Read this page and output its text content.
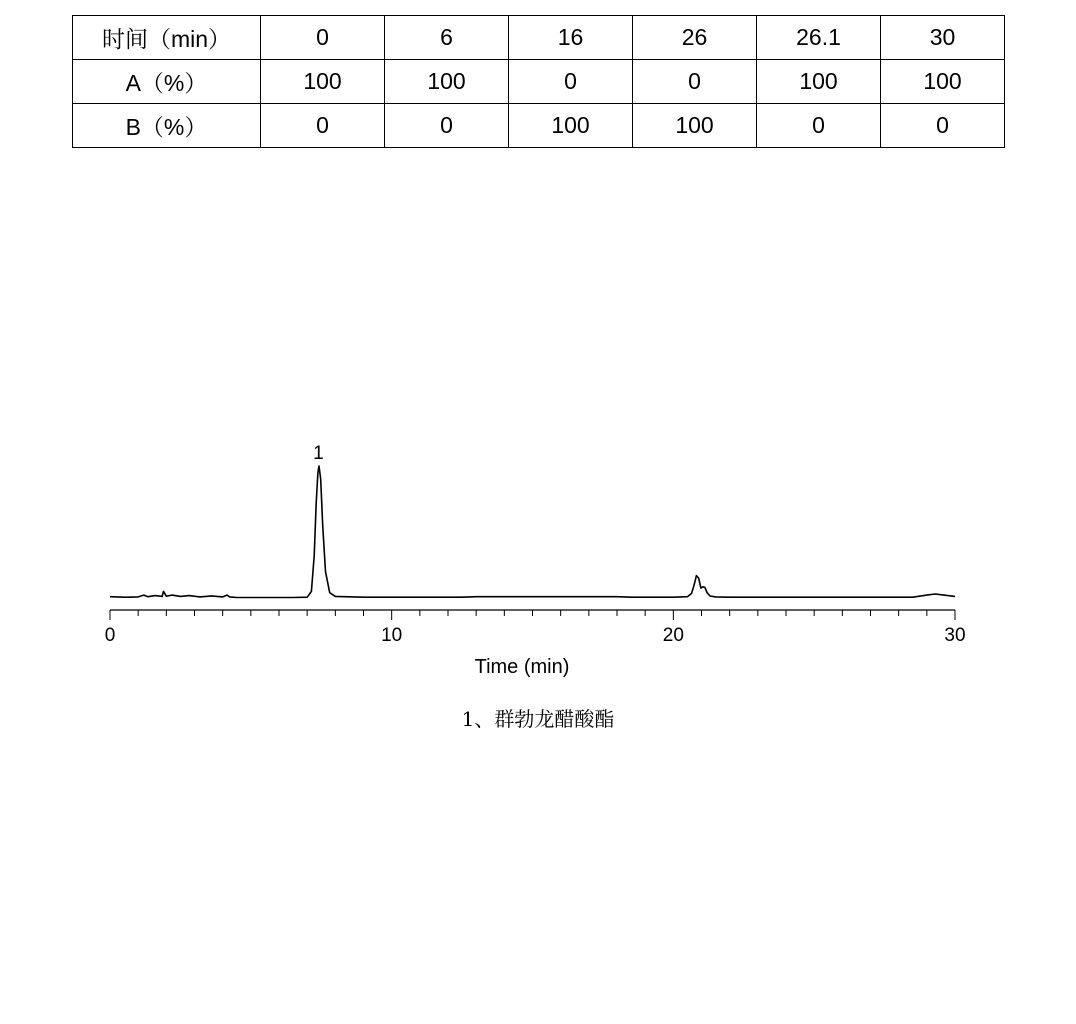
时间（min）	0	6	16	26	26.1	30
A（%）	100	100	0	0	100	100
B（%）	0	0	100	100	0	0
0	10	20	30
1
Time (min)
1、群勃龙醋酸酯
